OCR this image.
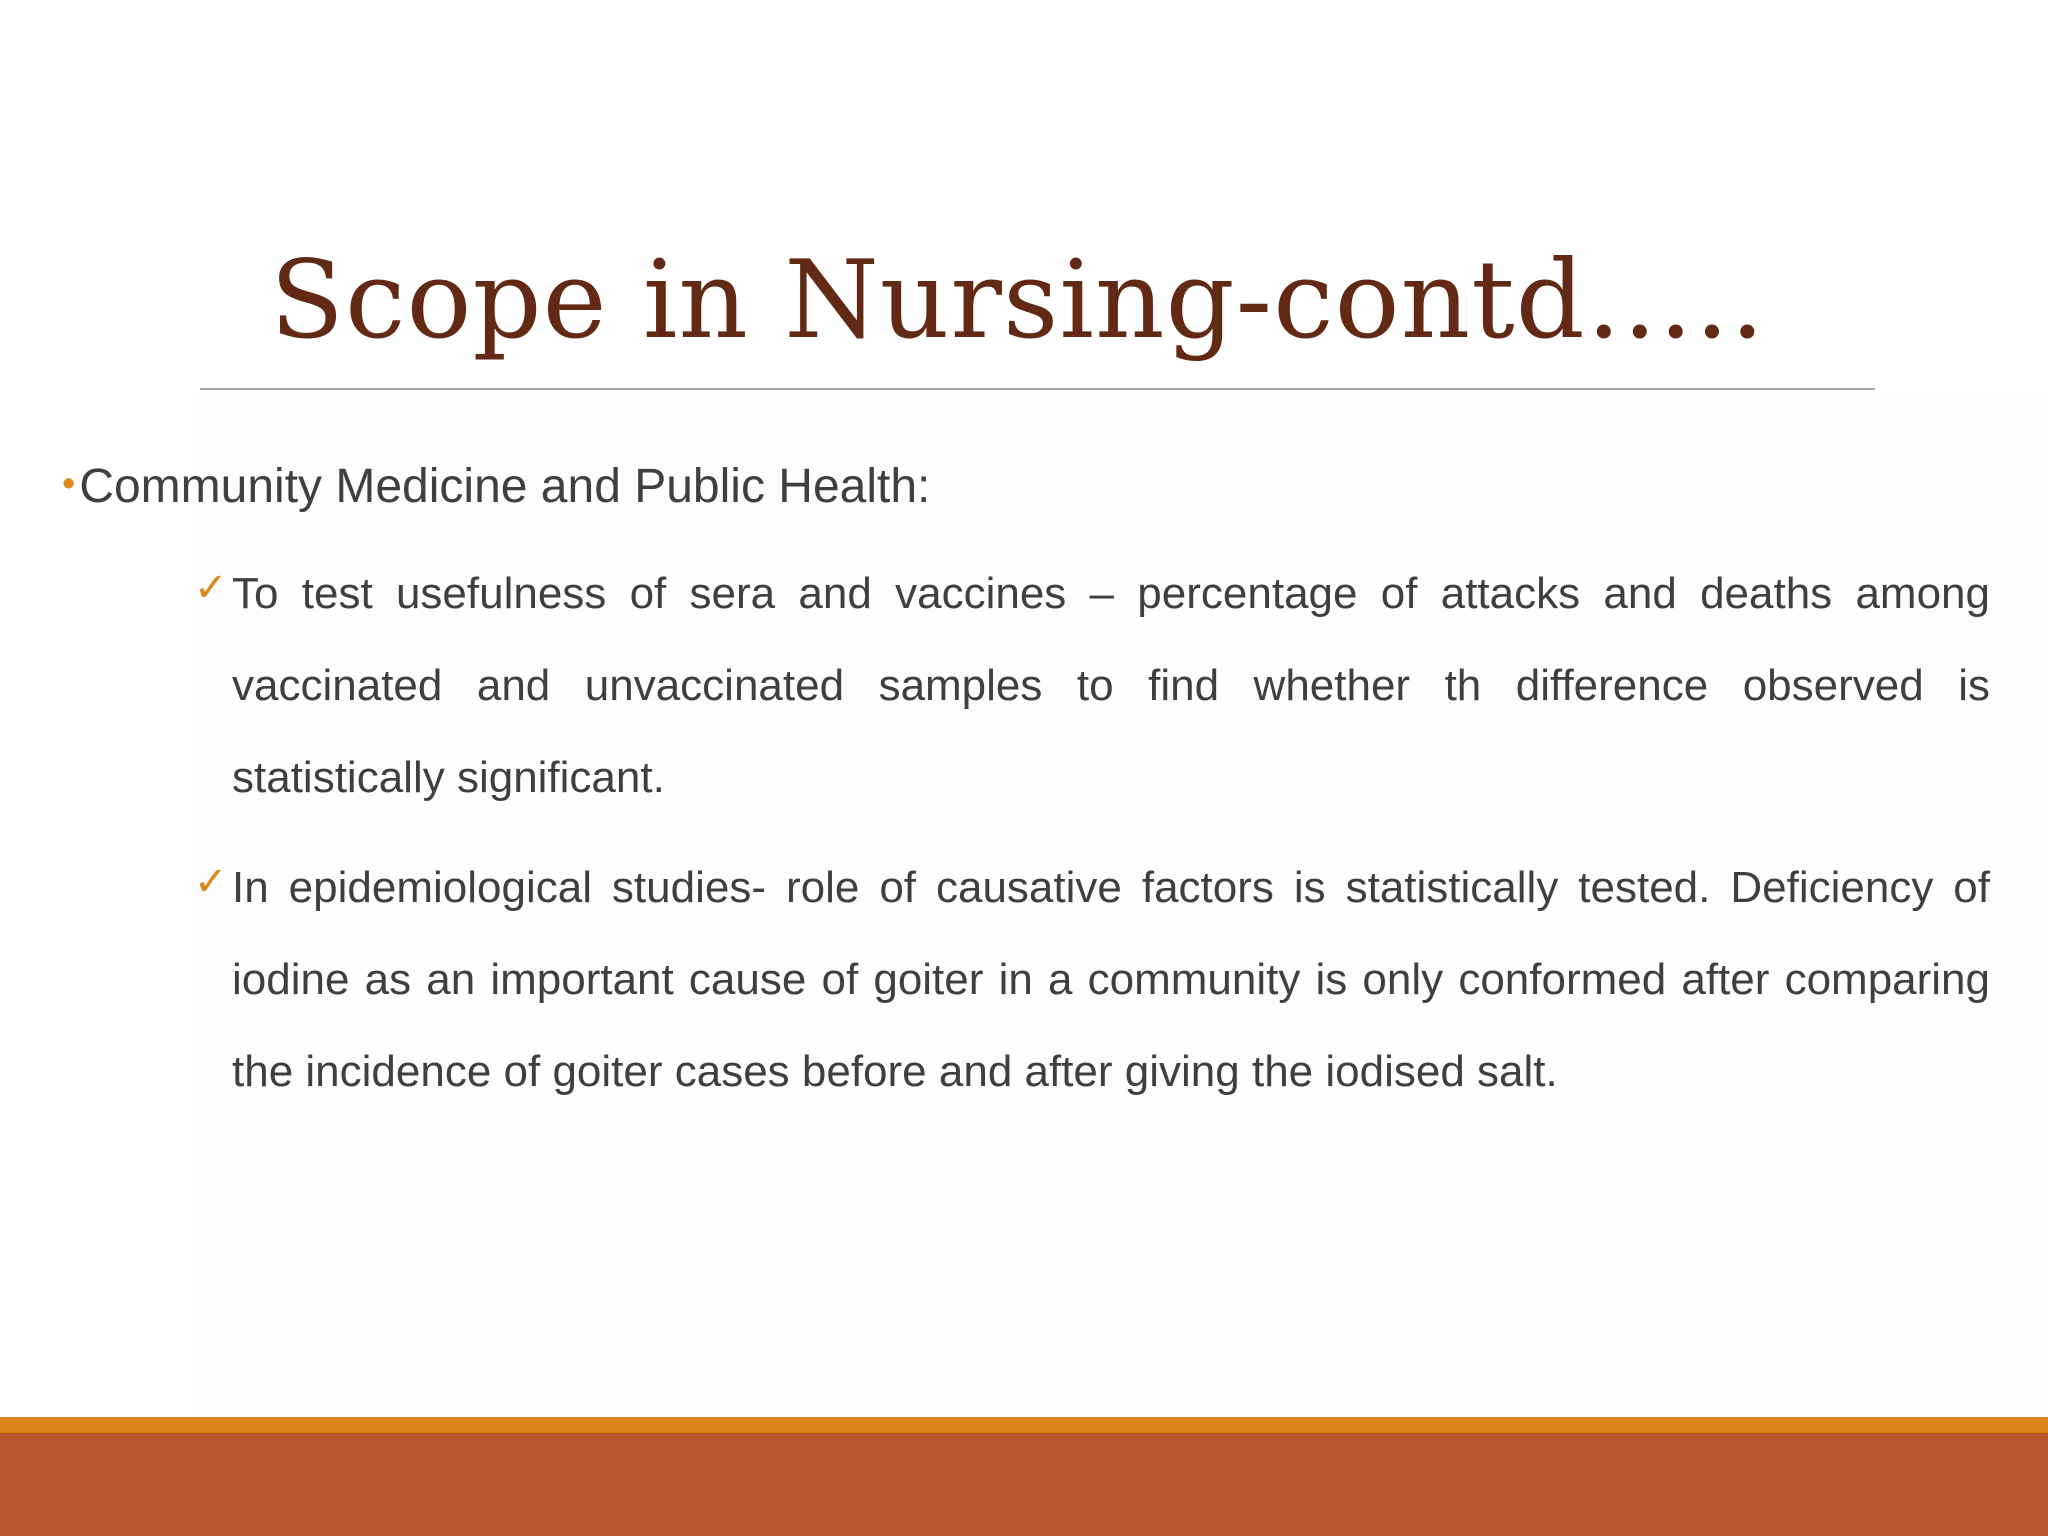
Scope in Nursing-contd…..
•Community Medicine and Public Health:
✓ To test usefulness of sera and vaccines – percentage of attacks and deaths among vaccinated and unvaccinated samples to find whether th difference observed is statistically significant.
✓ In epidemiological studies- role of causative factors is statistically tested. Deficiency of iodine as an important cause of goiter in a community is only conformed after comparing the incidence of goiter cases before and after giving the iodised salt.
